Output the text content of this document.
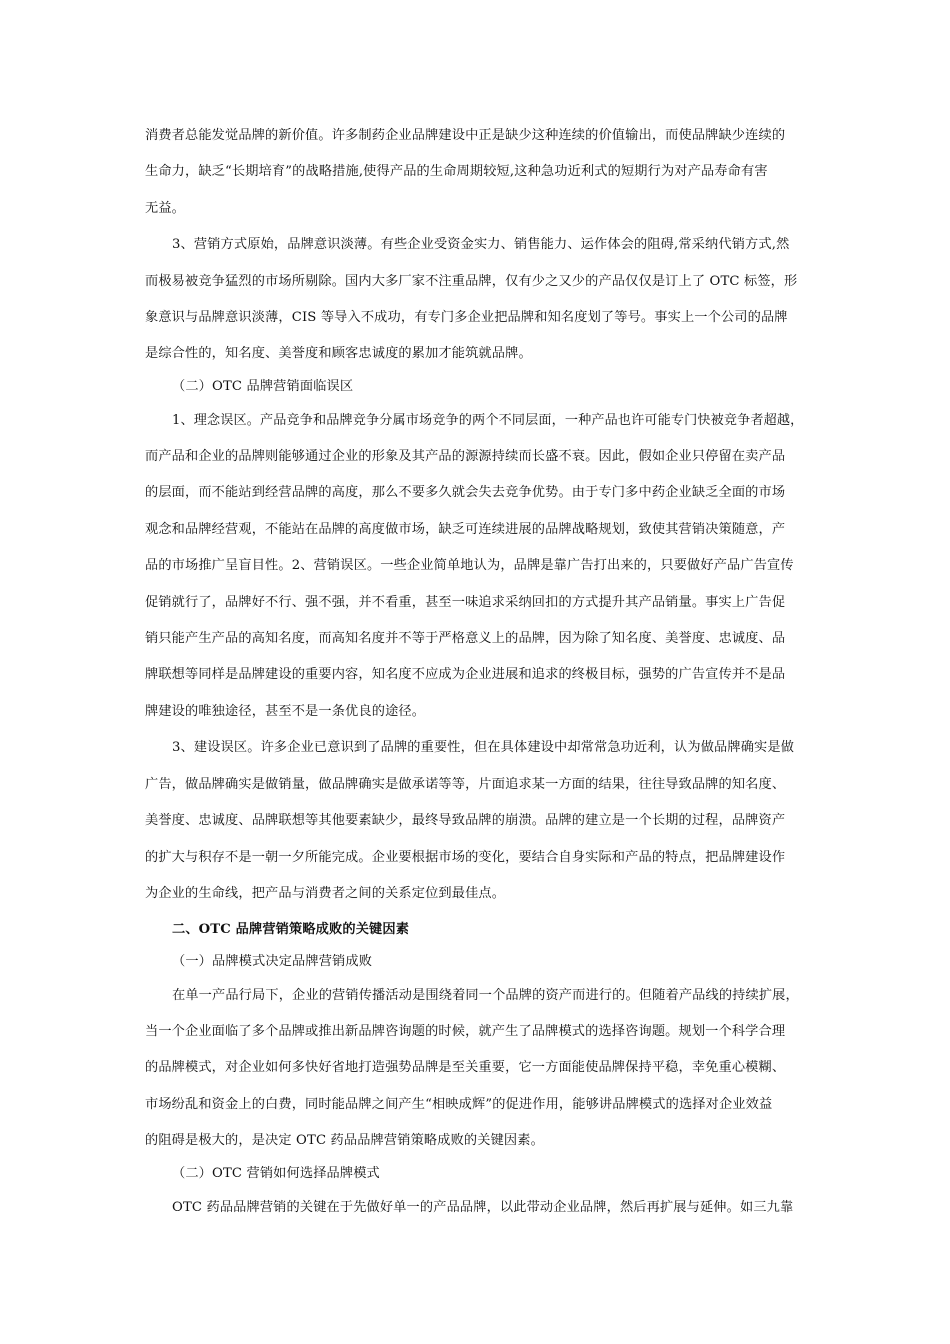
消费者总能发觉品牌的新价值。许多制药企业品牌建设中正是缺少这种连续的价值输出，而使品牌缺少连续的
生命力，缺乏“长期培育”的战略措施,使得产品的生命周期较短,这种急功近利式的短期行为对产品寿命有害
无益。
3、营销方式原始，品牌意识淡薄。有些企业受资金实力、销售能力、运作体会的阻碍,常采纳代销方式,然
而极易被竞争猛烈的市场所剔除。国内大多厂家不注重品牌，仅有少之又少的产品仅仅是订上了 OTC 标签，形
象意识与品牌意识淡薄，CIS 等导入不成功，有专门多企业把品牌和知名度划了等号。事实上一个公司的品牌
是综合性的，知名度、美誉度和顾客忠诚度的累加才能筑就品牌。
（二）OTC 品牌营销面临误区
1、理念误区。产品竞争和品牌竞争分属市场竞争的两个不同层面，一种产品也许可能专门快被竞争者超越，
而产品和企业的品牌则能够通过企业的形象及其产品的源源持续而长盛不衰。因此，假如企业只停留在卖产品
的层面，而不能站到经营品牌的高度，那么不要多久就会失去竞争优势。由于专门多中药企业缺乏全面的市场
观念和品牌经营观，不能站在品牌的高度做市场，缺乏可连续进展的品牌战略规划，致使其营销决策随意，产
品的市场推广呈盲目性。2、营销误区。一些企业简单地认为，品牌是靠广告打出来的，只要做好产品广告宣传
促销就行了，品牌好不行、强不强，并不看重，甚至一味追求采纳回扣的方式提升其产品销量。事实上广告促
销只能产生产品的高知名度，而高知名度并不等于严格意义上的品牌，因为除了知名度、美誉度、忠诚度、品
牌联想等同样是品牌建设的重要内容，知名度不应成为企业进展和追求的终极目标，强势的广告宣传并不是品
牌建设的唯独途径，甚至不是一条优良的途径。
3、建设误区。许多企业已意识到了品牌的重要性，但在具体建设中却常常急功近利，认为做品牌确实是做
广告，做品牌确实是做销量，做品牌确实是做承诺等等，片面追求某一方面的结果，往往导致品牌的知名度、
美誉度、忠诚度、品牌联想等其他要素缺少，最终导致品牌的崩溃。品牌的建立是一个长期的过程，品牌资产
的扩大与积存不是一朝一夕所能完成。企业要根据市场的变化，要结合自身实际和产品的特点，把品牌建设作
为企业的生命线，把产品与消费者之间的关系定位到最佳点。
二、OTC 品牌营销策略成败的关键因素
（一）品牌模式决定品牌营销成败
在单一产品行局下，企业的营销传播活动是围绕着同一个品牌的资产而进行的。但随着产品线的持续扩展，
当一个企业面临了多个品牌或推出新品牌咨询题的时候，就产生了品牌模式的选择咨询题。规划一个科学合理
的品牌模式，对企业如何多快好省地打造强势品牌是至关重要，它一方面能使品牌保持平稳，幸免重心模糊、
市场纷乱和资金上的白费，同时能品牌之间产生“相映成辉”的促进作用，能够讲品牌模式的选择对企业效益
的阻碍是极大的，是决定 OTC 药品品牌营销策略成败的关键因素。
（二）OTC 营销如何选择品牌模式
OTC 药品品牌营销的关键在于先做好单一的产品品牌，以此带动企业品牌，然后再扩展与延伸。如三九靠
